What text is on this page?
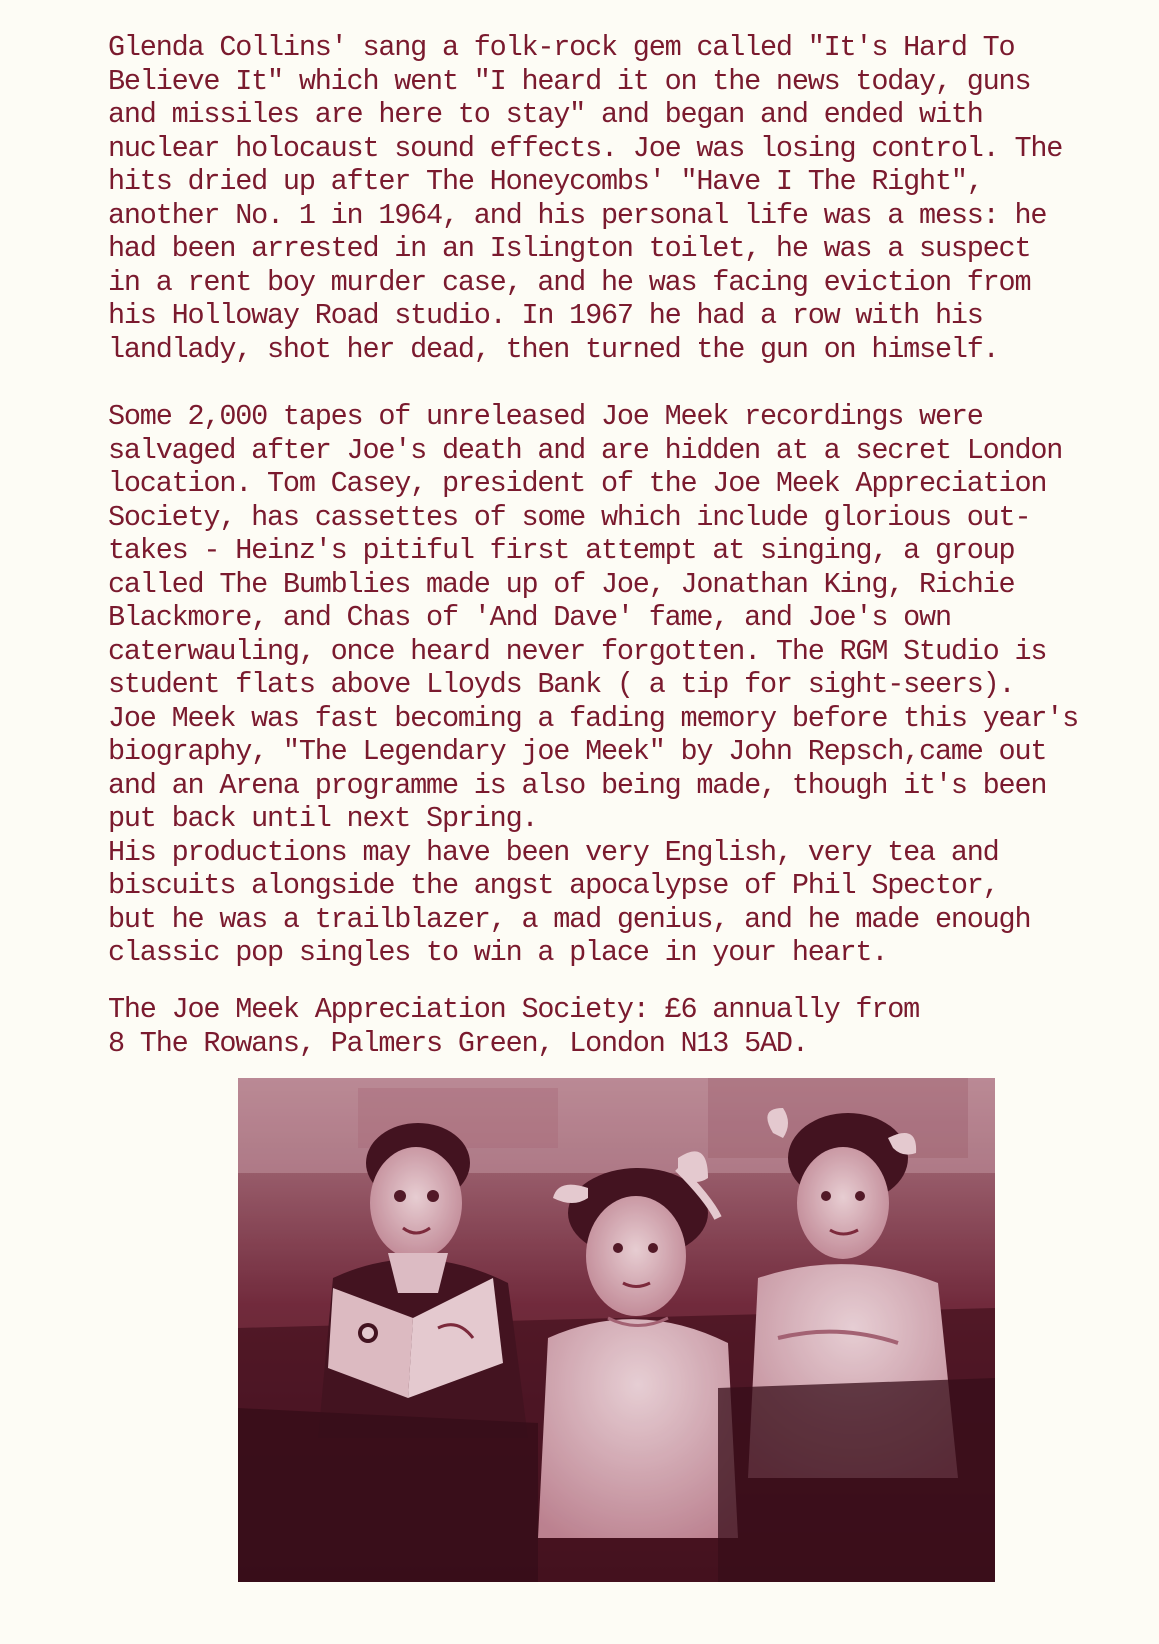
Glenda Collins' sang a folk-rock gem called "It's Hard To
Believe It" which went "I heard it on the news today, guns
and missiles are here to stay" and began and ended with
nuclear holocaust sound effects. Joe was losing control. The
hits dried up after The Honeycombs' "Have I The Right",
another No. 1 in 1964, and his personal life was a mess: he
had been arrested in an Islington toilet, he was a suspect
in a rent boy murder case, and he was facing eviction from
his Holloway Road studio. In 1967 he had a row with his
landlady, shot her dead, then turned the gun on himself.
Some 2,000 tapes of unreleased Joe Meek recordings were
salvaged after Joe's death and are hidden at a secret London
location. Tom Casey, president of the Joe Meek Appreciation
Society, has cassettes of some which include glorious out-
takes - Heinz's pitiful first attempt at singing, a group
called The Bumblies made up of Joe, Jonathan King, Richie
Blackmore, and Chas of 'And Dave' fame, and Joe's own
caterwauling, once heard never forgotten. The RGM Studio is
student flats above Lloyds Bank ( a tip for sight-seers).
Joe Meek was fast becoming a fading memory before this year's
biography, "The Legendary joe Meek" by John Repsch,came out
and an Arena programme is also being made, though it's been
put back until next Spring.
His productions may have been very English, very tea and
biscuits alongside the angst apocalypse of Phil Spector,
but he was a trailblazer, a mad genius, and he made enough
classic pop singles to win a place in your heart.
The Joe Meek Appreciation Society: £6 annually from
8 The Rowans, Palmers Green, London N13 5AD.
